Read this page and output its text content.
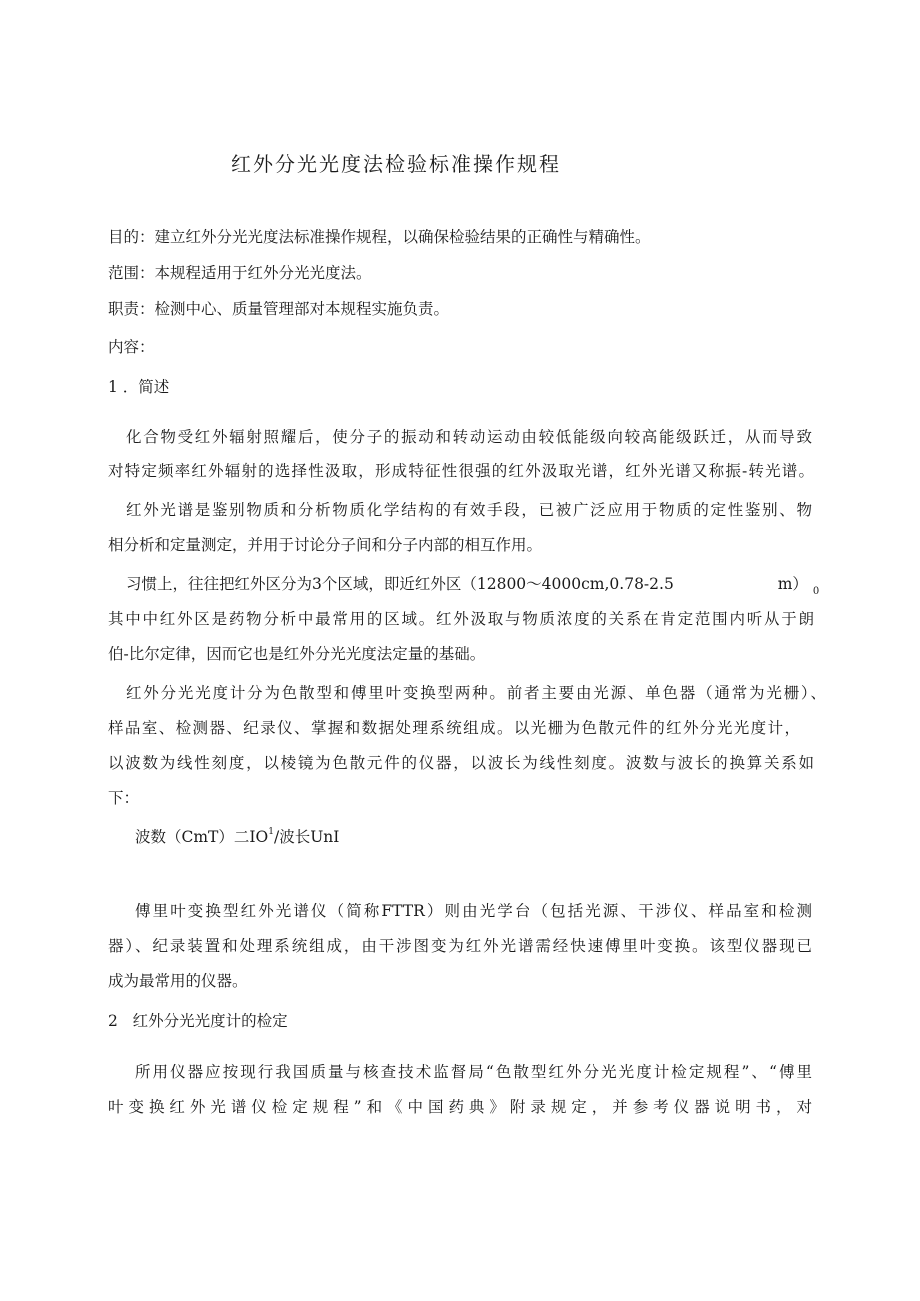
红外分光光度法检验标准操作规程
目的：建立红外分光光度法标准操作规程，以确保检验结果的正确性与精确性。
范围：本规程适用于红外分光光度法。
职责：检测中心、质量管理部对本规程实施负责。
内容：
1 ．简述
化合物受红外辐射照耀后，使分子的振动和转动运动由较低能级向较高能级跃迁，从而导致
对特定频率红外辐射的选择性汲取，形成特征性很强的红外汲取光谱，红外光谱又称振-转光谱。
红外光谱是鉴别物质和分析物质化学结构的有效手段，已被广泛应用于物质的定性鉴别、物
相分析和定量测定，并用于讨论分子间和分子内部的相互作用。
习惯上，往往把红外区分为3个区域，即近红外区（12800～4000cm,0.78-2.5	m） $_0$
其中中红外区是药物分析中最常用的区域。红外汲取与物质浓度的关系在肯定范围内听从于朗
伯-比尔定律，因而它也是红外分光光度法定量的基础。
红外分光光度计分为色散型和傅里叶变换型两种。前者主要由光源、单色器（通常为光栅）、
样品室、检测器、纪录仪、掌握和数据处理系统组成。以光栅为色散元件的红外分光光度计，
以波数为线性刻度，以棱镜为色散元件的仪器，以波长为线性刻度。波数与波长的换算关系如
下：
波数（CmT）二$IO^1/$波长UnI
傅里叶变换型红外光谱仪（简称FTTR）则由光学台（包括光源、干涉仪、样品室和检测
器）、纪录装置和处理系统组成，由干涉图变为红外光谱需经快速傅里叶变换。该型仪器现已
成为最常用的仪器。
2   红外分光光度计的检定
所用仪器应按现行我国质量与核查技术监督局“色散型红外分光光度计检定规程”、“傅里
叶变换红外光谱仪检定规程”和《中国药典》附录规定，并参考仪器说明书，对
